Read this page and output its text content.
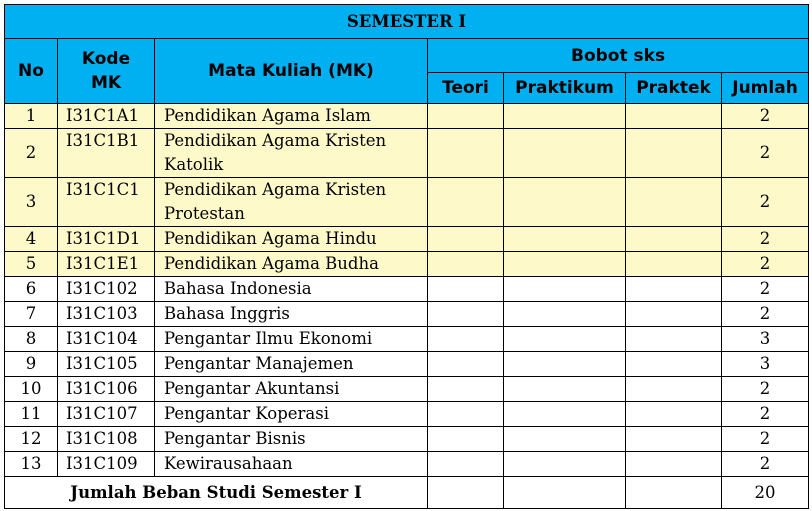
SEMESTER I						
No	Kode MK	Mata Kuliah (MK)	Bobot sks			
			Teori	Praktikum	Praktek	Jumlah
1	I31C1A1	Pendidikan Agama Islam				2
2	I31C1B1	Pendidikan Agama Kristen Katolik				2
3	I31C1C1	Pendidikan Agama Kristen Protestan				2
4	I31C1D1	Pendidikan Agama Hindu				2
5	I31C1E1	Pendidikan Agama Budha				2
6	I31C102	Bahasa Indonesia				2
7	I31C103	Bahasa Inggris				2
8	I31C104	Pengantar Ilmu Ekonomi				3
9	I31C105	Pengantar Manajemen				3
10	I31C106	Pengantar Akuntansi				2
11	I31C107	Pengantar Koperasi				2
12	I31C108	Pengantar Bisnis				2
13	I31C109	Kewirausahaan				2
Jumlah Beban Studi Semester I						20
